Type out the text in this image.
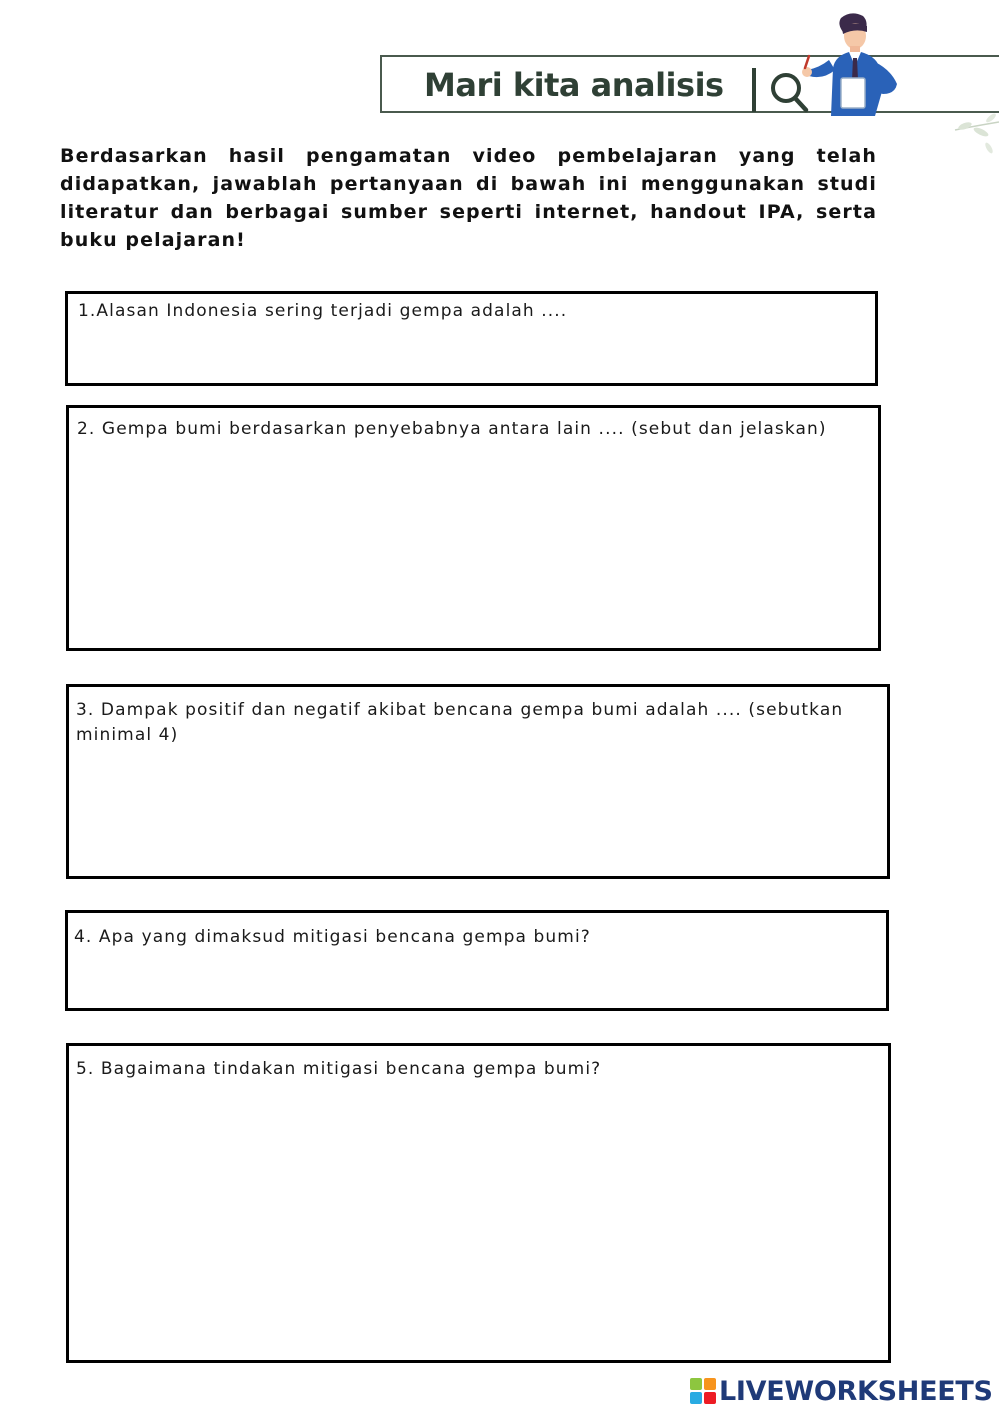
Mari kita analisis

Berdasarkan hasil pengamatan video pembelajaran yang telah didapatkan, jawablah pertanyaan di bawah ini menggunakan studi literatur dan berbagai sumber seperti internet, handout IPA, serta buku pelajaran!

1.Alasan Indonesia sering terjadi gempa adalah ....

2. Gempa bumi berdasarkan penyebabnya antara lain .... (sebut dan jelaskan)

3. Dampak positif dan negatif akibat bencana gempa bumi adalah .... (sebutkan minimal 4)

4. Apa yang dimaksud mitigasi bencana gempa bumi?

5. Bagaimana tindakan mitigasi bencana gempa bumi?

LIVEWORKSHEETS
